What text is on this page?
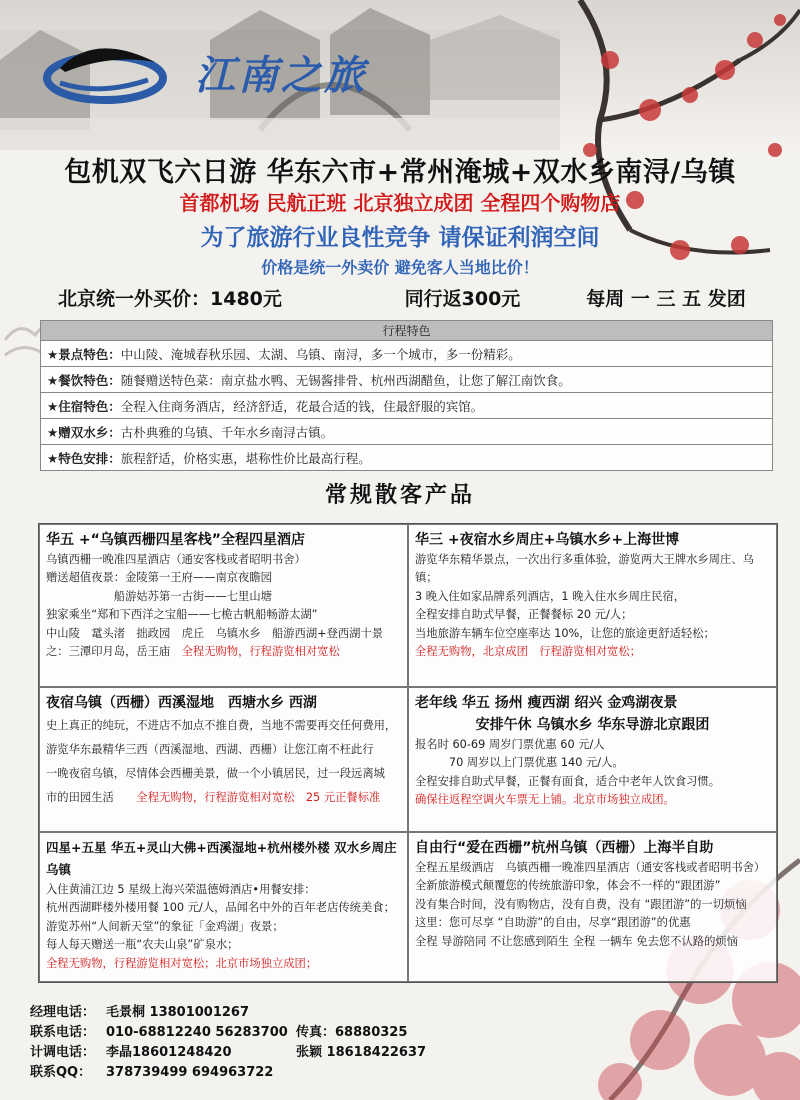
江南之旅
包机双飞六日游 华东六市+常州淹城+双水乡南浔/乌镇
首都机场 民航正班 北京独立成团 全程四个购物店
为了旅游行业良性竞争 请保证利润空间
价格是统一外卖价 避免客人当地比价！
北京统一外买价：1480元	同行返300元	每周 一 三 五 发团
行程特色
★景点特色：中山陵、淹城春秋乐园、太湖、乌镇、南浔，多一个城市，多一份精彩。
★餐饮特色：随餐赠送特色菜：南京盐水鸭、无锡酱排骨、杭州西湖醋鱼，让您了解江南饮食。
★住宿特色：全程入住商务酒店，经济舒适，花最合适的钱，住最舒服的宾馆。
★赠双水乡：古朴典雅的乌镇、千年水乡南浔古镇。
★特色安排：旅程舒适，价格实惠，堪称性价比最高行程。
常规散客产品
华五 +“乌镇西栅四星客栈”全程四星酒店
乌镇西栅一晚准四星酒店（通安客栈或者昭明书舍）
赠送超值夜景：金陵第一王府——南京夜瞻园
　　　　　　船游姑苏第一古街——七里山塘
独家乘坐“郑和下西洋之宝船——七桅古帆船畅游太湖”
中山陵　鼋头渚　拙政园　虎丘　乌镇水乡　船游西湖+登西湖十景
之：三潭印月岛，岳王庙　 全程无购物，行程游览相对宽松
华三 +夜宿水乡周庄+乌镇水乡+上海世博
游览华东精华景点，一次出行多重体验，游览两大王牌水乡周庄、乌镇；
3 晚入住如家品牌系列酒店，1 晚入住水乡周庄民宿，
全程安排自助式早餐，正餐餐标 20 元/人；
当地旅游车辆车位空座率达 10%，让您的旅途更舒适轻松；
全程无购物，北京成团　行程游览相对宽松；
夜宿乌镇（西栅）西溪湿地　西塘水乡 西湖
史上真正的纯玩，不进店不加点不推自费，当地不需要再交任何费用，
游览华东最精华三西（西溪湿地、西湖、西栅）让您江南不枉此行
一晚夜宿乌镇，尽情体会西栅美景，做一个小镇居民，过一段远离城
市的田园生活　　 全程无购物，行程游览相对宽松　25 元正餐标准
老年线 华五 扬州 瘦西湖 绍兴 金鸡湖夜景
安排午休 乌镇水乡 华东导游北京跟团
报名时 60-69 周岁门票优惠 60 元/人
　　　70 周岁以上门票优惠 140 元/人。
全程安排自助式早餐，正餐有面食，适合中老年人饮食习惯。
确保往返程空调火车票无上铺。北京市场独立成团。
四星+五星 华五+灵山大佛+西溪湿地+杭州楼外楼 双水乡周庄乌镇
入住黄浦江边 5 星级上海兴荣温德姆酒店•用餐安排：
杭州西湖畔楼外楼用餐 100 元/人，品闻名中外的百年老店传统美食；
游览苏州“人间新天堂”的象征「金鸡湖」夜景；
每人每天赠送一瓶“农夫山泉”矿泉水；
全程无购物，行程游览相对宽松；北京市场独立成团；
自由行“爱在西栅”杭州乌镇（西栅）上海半自助
全程五星级酒店　乌镇西栅一晚准四星酒店（通安客栈或者昭明书舍）
全新旅游模式颠覆您的传统旅游印象，体会不一样的“跟团游”
没有集合时间，没有购物店，没有自费，没有 “跟团游”的一切烦恼
这里：您可尽享 “自助游”的自由，尽享“跟团游”的优惠
全程 导游陪同 不让您感到陌生 全程 一辆车 免去您不认路的烦恼
经理电话： 毛景桐 13801001267
联系电话： 010-68812240 56283700 传真：68880325
计调电话： 李晶18601248420	张颖 18618422637
联系QQ： 378739499 694963722
